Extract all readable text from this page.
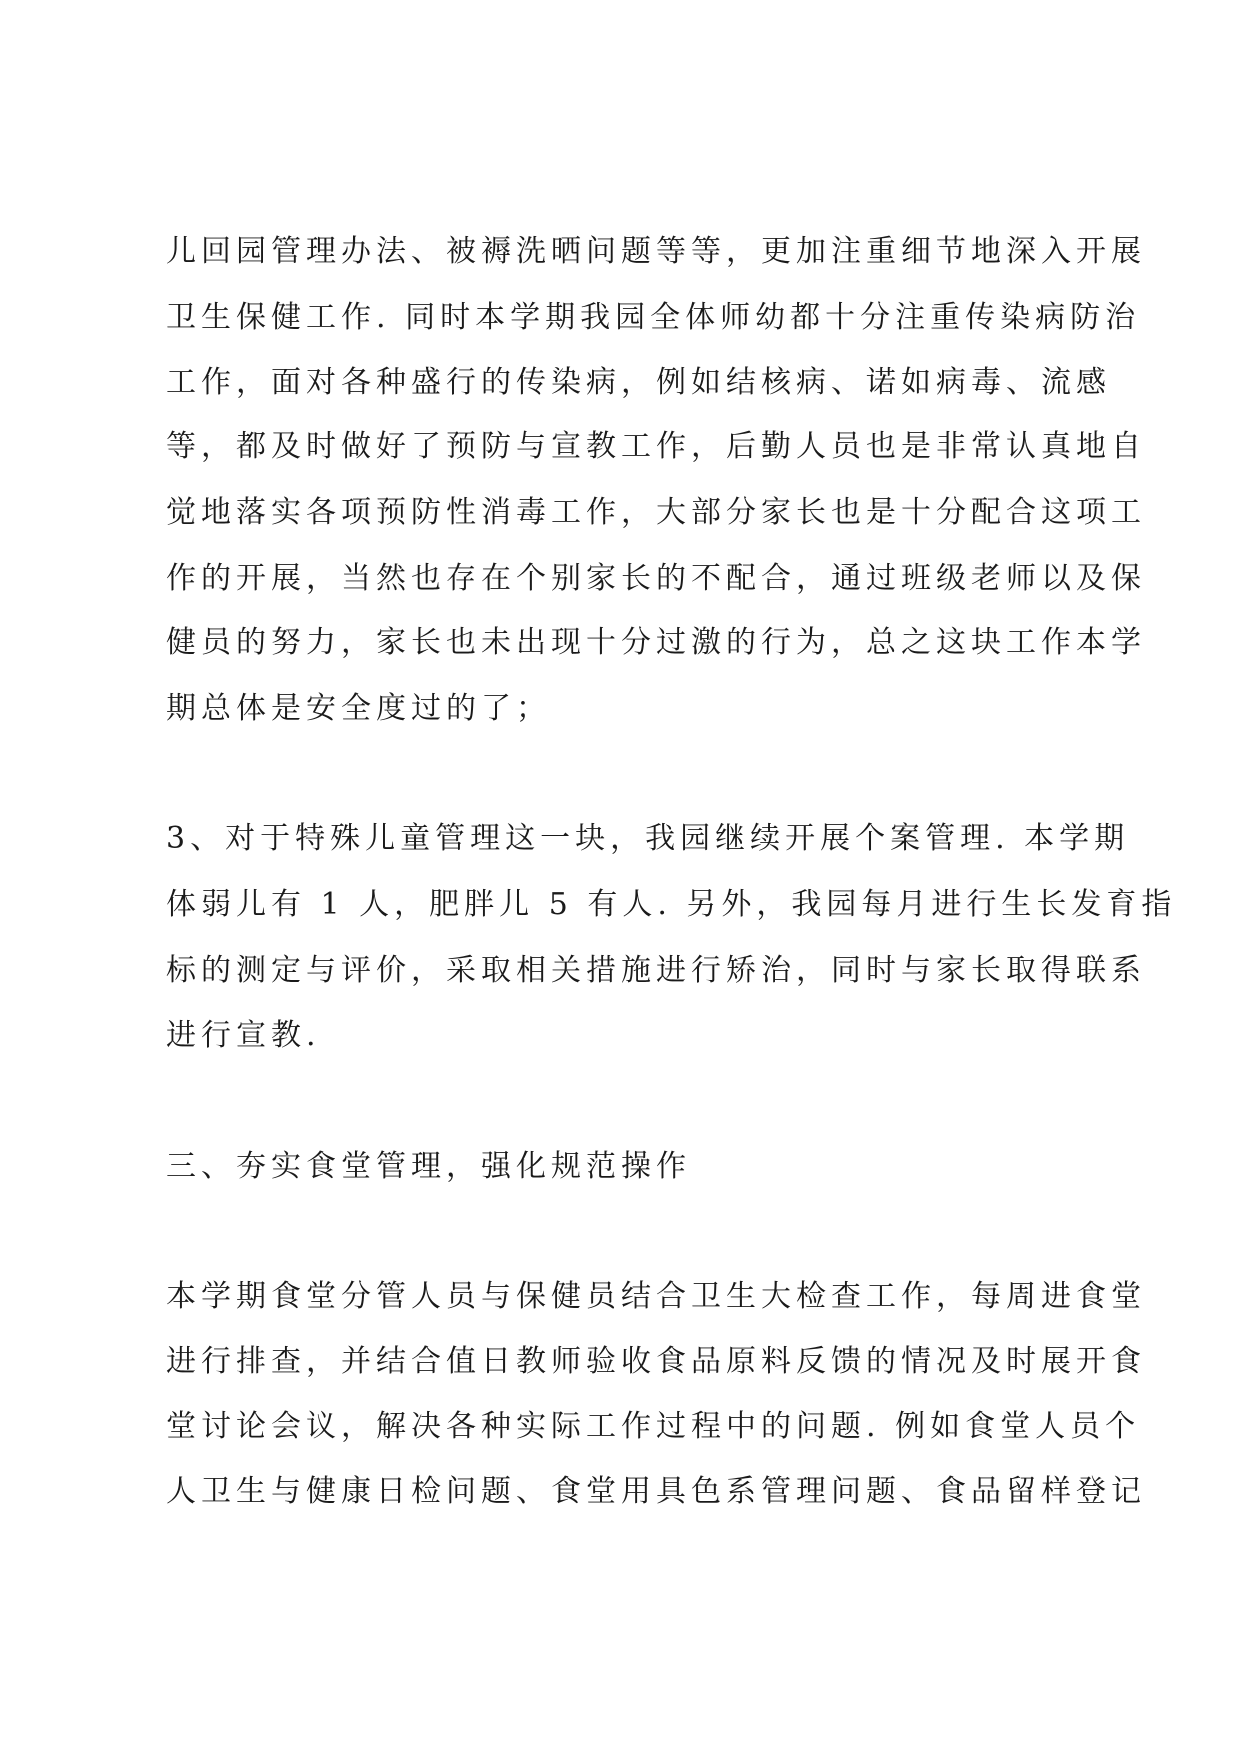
儿回园管理办法、被褥洗晒问题等等，更加注重细节地深入开展

卫生保健工作. 同时本学期我园全体师幼都十分注重传染病防治

工作，面对各种盛行的传染病，例如结核病、诺如病毒、流感

等，都及时做好了预防与宣教工作，后勤人员也是非常认真地自

觉地落实各项预防性消毒工作，大部分家长也是十分配合这项工

作的开展，当然也存在个别家长的不配合，通过班级老师以及保

健员的努力，家长也未出现十分过激的行为，总之这块工作本学

期总体是安全度过的了；

3、对于特殊儿童管理这一块，我园继续开展个案管理. 本学期

体弱儿有 1 人，肥胖儿 5 有人. 另外，我园每月进行生长发育指

标的测定与评价，采取相关措施进行矫治，同时与家长取得联系

进行宣教.

三、夯实食堂管理，强化规范操作

本学期食堂分管人员与保健员结合卫生大检查工作，每周进食堂

进行排查，并结合值日教师验收食品原料反馈的情况及时展开食

堂讨论会议，解决各种实际工作过程中的问题. 例如食堂人员个

人卫生与健康日检问题、食堂用具色系管理问题、食品留样登记
